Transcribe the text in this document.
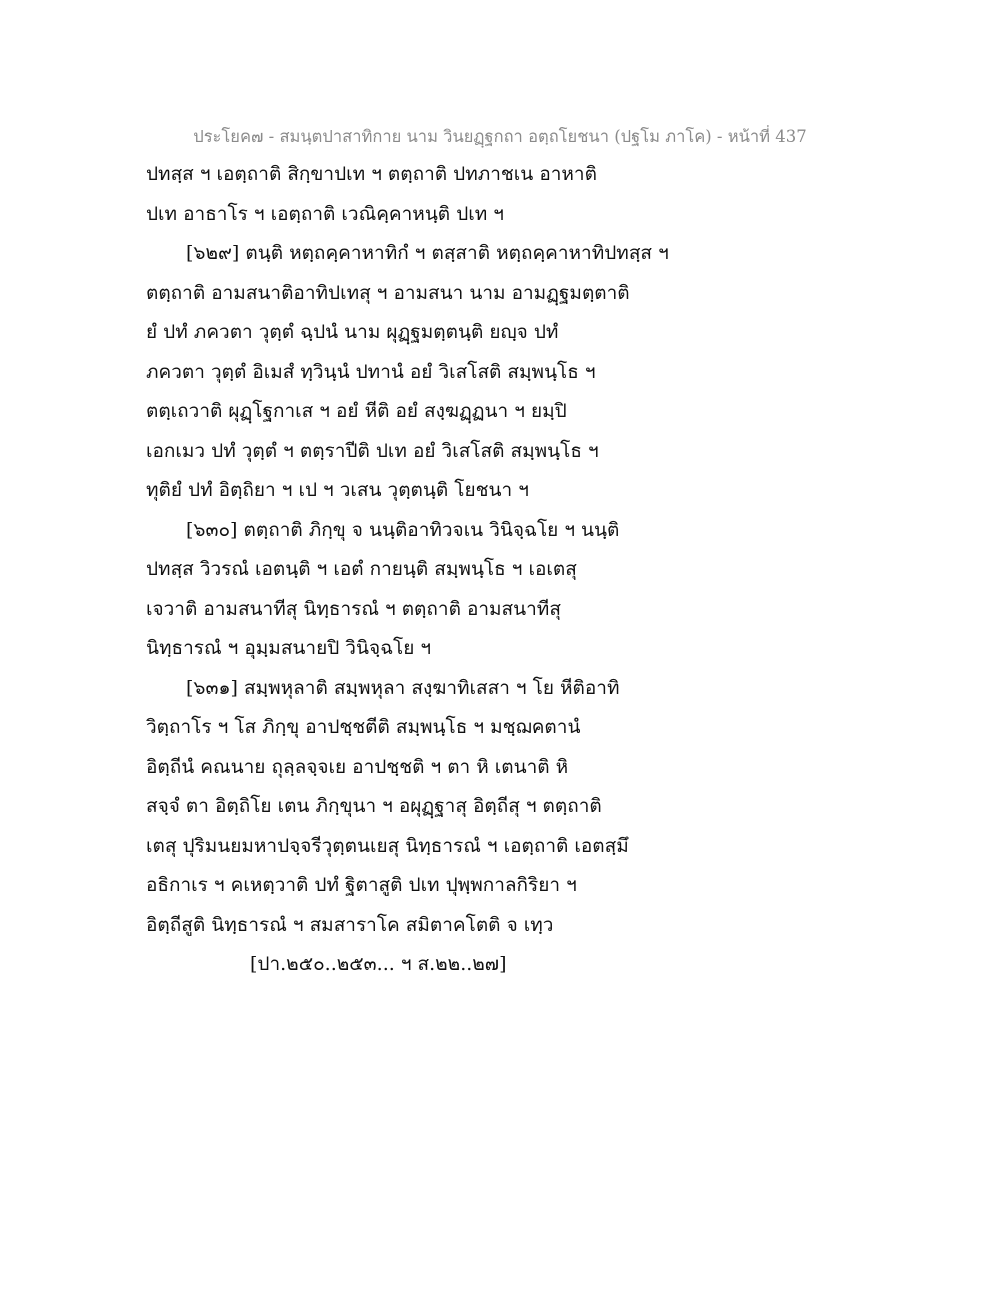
ประโยค๗ - สมนฺตปาสาทิกาย นาม วินยฏฺฐกถา อตฺถโยชนา (ปฐโม ภาโค) - หน้าที่ 437
ปทสฺส ฯ เอตฺถาติ สิกฺขาปเท ฯ ตตฺถาติ ปทภาชเน อาหาติ
ปเท อาธาโร ฯ เอตฺถาติ เวณิคฺคาหนฺติ ปเท ฯ
[๖๒๙] ตนฺติ หตฺถคฺคาหาทิกํ ฯ ตสฺสาติ หตฺถคฺคาหาทิปทสฺส ฯ
ตตฺถาติ อามสนาติอาทิปเทสุ ฯ อามสนา นาม อามฏฺฐมตฺตาติ
ยํ ปทํ ภควตา วุตฺตํ ฉฺปนํ นาม ผุฏฺฐมตฺตนฺติ ยญฺจ ปทํ
ภควตา วุตฺตํ อิเมสํ ทฺวินฺนํ ปทานํ อยํ วิเสโสติ สมฺพนฺโธ ฯ
ตตฺเถวาติ ผุฏฺโฐกาเส ฯ อยํ หีติ อยํ สงฺฆฏฺฏนา ฯ ยมฺปิ
เอกเมว ปทํ วุตฺตํ ฯ ตตฺราปีติ ปเท อยํ วิเสโสติ สมฺพนฺโธ ฯ
ทุติยํ ปทํ อิตฺถิยา ฯ เป ฯ วเสน วุตฺตนฺติ โยชนา ฯ
[๖๓๐] ตตฺถาติ ภิกฺขุ จ นนฺติอาทิวจเน วินิจฺฉโย ฯ นนฺติ
ปทสฺส วิวรณํ เอตนฺติ ฯ เอตํ กายนฺติ สมฺพนฺโธ ฯ เอเตสุ
เจวาติ อามสนาทีสุ นิทฺธารณํ ฯ ตตฺถาติ อามสนาทีสุ
นิทฺธารณํ ฯ อุมฺมสนายปิ วินิจฺฉโย ฯ
[๖๓๑] สมฺพหุลาติ สมฺพหุลา สงฺฆาทิเสสา ฯ โย หีติอาทิ
วิตฺถาโร ฯ โส ภิกฺขุ อาปชฺชตีติ สมฺพนฺโธ ฯ มชฺฌคตานํ
อิตฺถีนํ คณนาย ถุลฺลจฺจเย อาปชฺชติ ฯ ตา หิ เตนาติ หิ
สจฺจํ ตา อิตฺถิโย เตน ภิกฺขุนา ฯ อผุฏฺฐาสุ อิตฺถีสุ ฯ ตตฺถาติ
เตสุ ปุริมนยมหาปจฺจรีวุตฺตนเยสุ นิทฺธารณํ ฯ เอตฺถาติ เอตสฺมึ
อธิกาเร ฯ คเหตฺวาติ ปทํ ฐิตาสูติ ปเท ปุพฺพกาลกิริยา ฯ
อิตฺถีสูติ นิทฺธารณํ ฯ สมสาราโค สมิตาคโตติ จ เทฺว
[ปา.๒๕๐..๒๕๓... ฯ ส.๒๒..๒๗]
